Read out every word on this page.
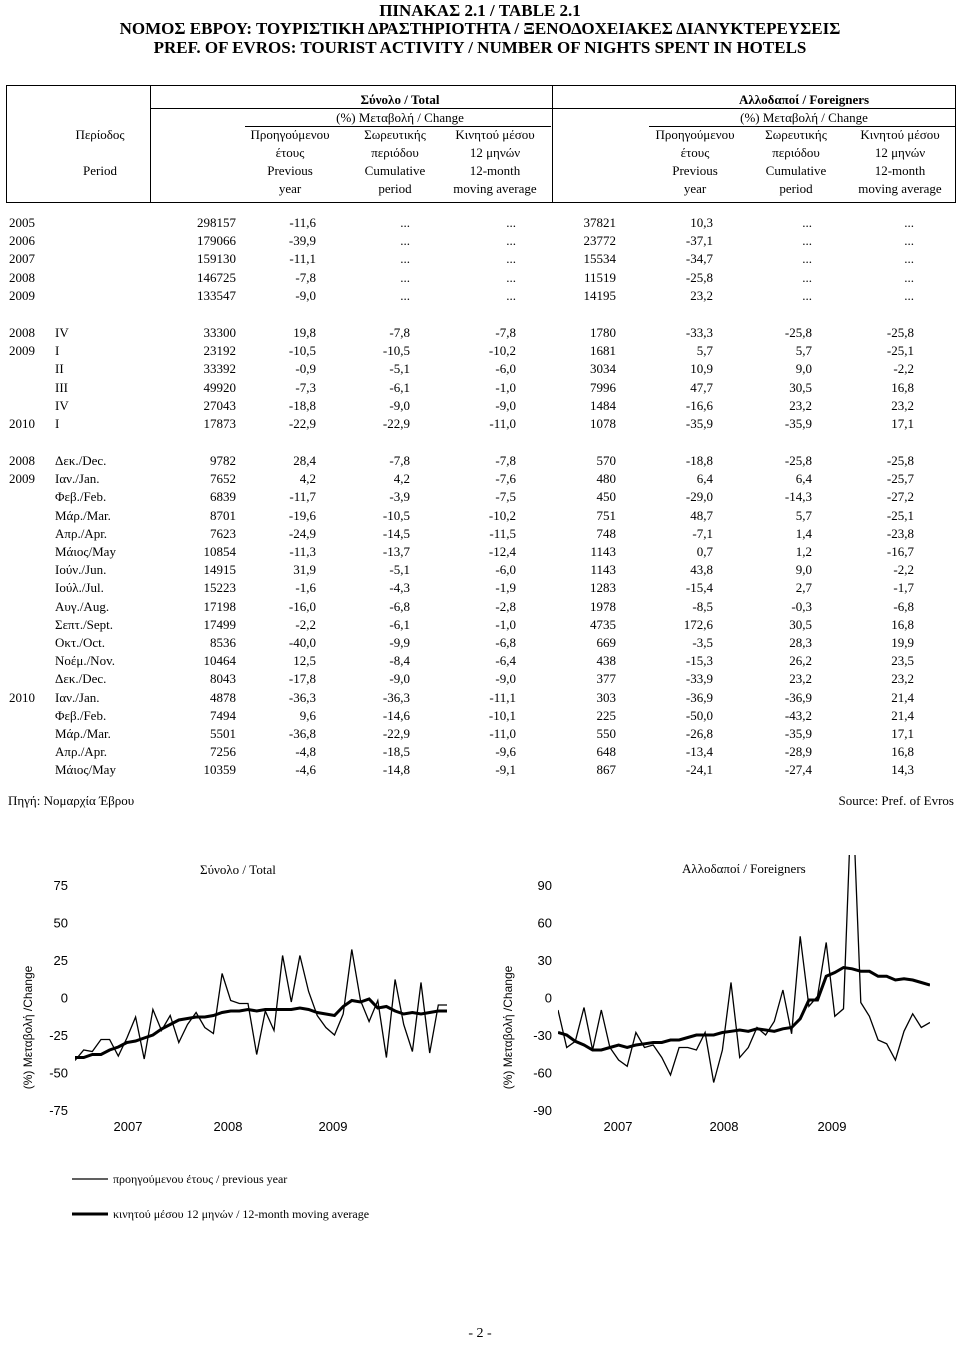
ΠΙΝΑΚΑΣ 2.1 / TABLE 2.1
ΝΟΜΟΣ ΕΒΡΟΥ: ΤΟΥΡΙΣΤΙΚΗ ΔΡΑΣΤΗΡΙΟΤΗΤΑ / ΞΕΝΟΔΟΧΕΙΑΚΕΣ ΔΙΑΝΥΚΤΕΡΕΥΣΕΙΣ
PREF. OF EVROS: TOURIST ACTIVITY / NUMBER OF NIGHTS SPENT IN HOTELS
Περίοδος
Period
Σύνολο / Total	Αλλοδαποί / Foreigners
(%) Μεταβολή / Change	(%) Μεταβολή / Change
Προηγούμενου
έτους
Previous
year
Σωρευτικής
περιόδου
Cumulative
period
Κινητού μέσου
12 μηνών
12-month
moving average
Προηγούμενου
έτους
Previous
year
Σωρευτικής
περιόδου
Cumulative
period
Κινητού μέσου
12 μηνών
12-month
moving average
2005	298157	-11,6	...	...	37821	10,3	...	...
2006	179066	-39,9	...	...	23772	-37,1	...	...
2007	159130	-11,1	...	...	15534	-34,7	...	...
2008	146725	-7,8	...	...	11519	-25,8	...	...
2009	133547	-9,0	...	...	14195	23,2	...	...
2008 IV	33300	19,8	-7,8	-7,8	1780	-33,3	-25,8	-25,8
2009 I	23192	-10,5	-10,5	-10,2	1681	5,7	5,7	-25,1
II	33392	-0,9	-5,1	-6,0	3034	10,9	9,0	-2,2
III	49920	-7,3	-6,1	-1,0	7996	47,7	30,5	16,8
IV	27043	-18,8	-9,0	-9,0	1484	-16,6	23,2	23,2
2010 I	17873	-22,9	-22,9	-11,0	1078	-35,9	-35,9	17,1
2008 Δεκ./Dec.	9782	28,4	-7,8	-7,8	570	-18,8	-25,8	-25,8
2009 Ιαν./Jan.	7652	4,2	4,2	-7,6	480	6,4	6,4	-25,7
Φεβ./Feb.	6839	-11,7	-3,9	-7,5	450	-29,0	-14,3	-27,2
Μάρ./Mar.	8701	-19,6	-10,5	-10,2	751	48,7	5,7	-25,1
Απρ./Apr.	7623	-24,9	-14,5	-11,5	748	-7,1	1,4	-23,8
Μάιος/May	10854	-11,3	-13,7	-12,4	1143	0,7	1,2	-16,7
Ιούν./Jun.	14915	31,9	-5,1	-6,0	1143	43,8	9,0	-2,2
Ιούλ./Jul.	15223	-1,6	-4,3	-1,9	1283	-15,4	2,7	-1,7
Αυγ./Aug.	17198	-16,0	-6,8	-2,8	1978	-8,5	-0,3	-6,8
Σεπτ./Sept.	17499	-2,2	-6,1	-1,0	4735	172,6	30,5	16,8
Οκτ./Oct.	8536	-40,0	-9,9	-6,8	669	-3,5	28,3	19,9
Νοέμ./Nov.	10464	12,5	-8,4	-6,4	438	-15,3	26,2	23,5
Δεκ./Dec.	8043	-17,8	-9,0	-9,0	377	-33,9	23,2	23,2
2010 Ιαν./Jan.	4878	-36,3	-36,3	-11,1	303	-36,9	-36,9	21,4
Φεβ./Feb.	7494	9,6	-14,6	-10,1	225	-50,0	-43,2	21,4
Μάρ./Mar.	5501	-36,8	-22,9	-11,0	550	-26,8	-35,9	17,1
Απρ./Apr.	7256	-4,8	-18,5	-9,6	648	-13,4	-28,9	16,8
Μάιος/May	10359	-4,6	-14,8	-9,1	867	-24,1	-27,4	14,3
Πηγή: Νομαρχία Έβρου	Source: Pref. of Evros
Σύνολο / Total	Αλλοδαποί / Foreigners
75
50
25
0
-25
-50
-75
(%) Μεταβολή /Change
2007	2008	2009
90
60
30
0
-30
-60
-90
(%) Μεταβολή /Change
2007	2008	2009
προηγούμενου έτους / previous year
κινητού μέσου 12 μηνών / 12-month moving average
- 2 -
